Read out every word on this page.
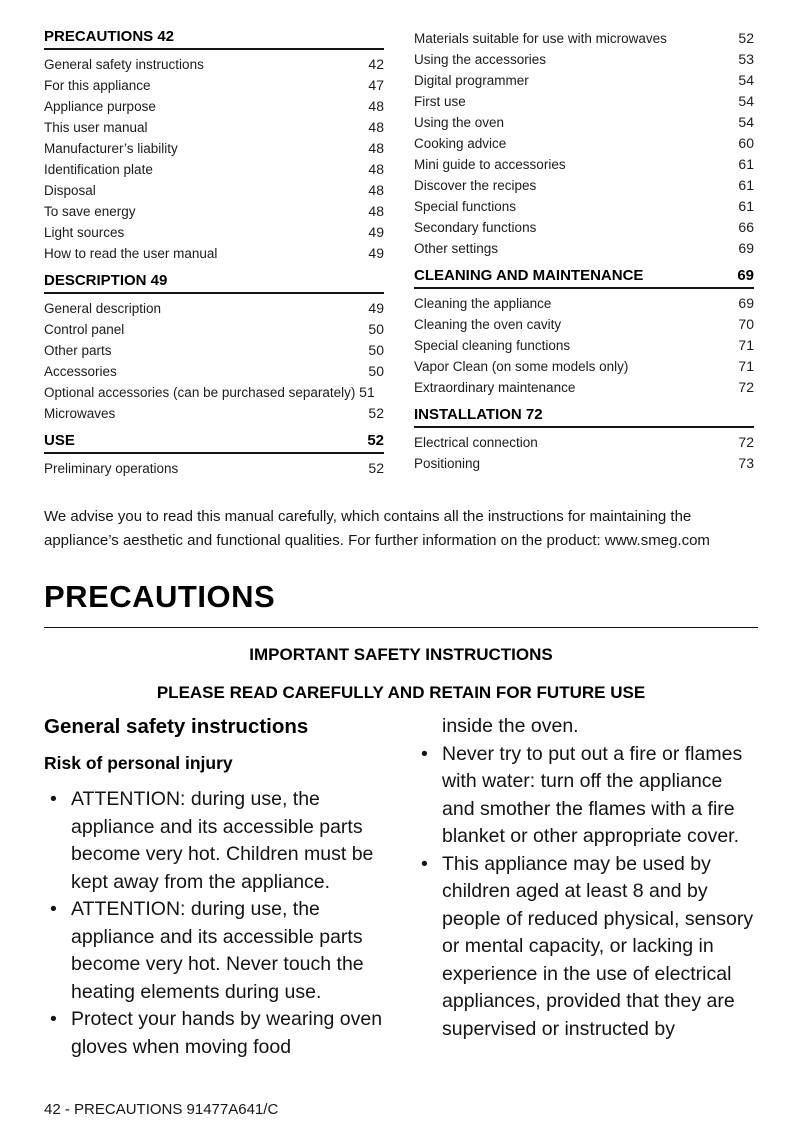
PRECAUTIONS 42
General safety instructions	42
For this appliance	47
Appliance purpose	48
This user manual	48
Manufacturer’s liability	48
Identification plate	48
Disposal	48
To save energy	48
Light sources	49
How to read the user manual	49
DESCRIPTION 49
General description	49
Control panel	50
Other parts	50
Accessories	50
Optional accessories (can be purchased separately) 51
Microwaves	52
USE	52
Preliminary operations	52
Materials suitable for use with microwaves	52
Using the accessories	53
Digital programmer	54
First use	54
Using the oven	54
Cooking advice	60
Mini guide to accessories	61
Discover the recipes	61
Special functions	61
Secondary functions	66
Other settings	69
CLEANING AND MAINTENANCE	69
Cleaning the appliance	69
Cleaning the oven cavity	70
Special cleaning functions	71
Vapor Clean (on some models only)	71
Extraordinary maintenance	72
INSTALLATION 72
Electrical connection	72
Positioning	73

We advise you to read this manual carefully, which contains all the instructions for maintaining the appliance’s aesthetic and functional qualities. For further information on the product: www.smeg.com

PRECAUTIONS
IMPORTANT SAFETY INSTRUCTIONS
PLEASE READ CAREFULLY AND RETAIN FOR FUTURE USE
General safety instructions
Risk of personal injury
• ATTENTION: during use, the appliance and its accessible parts become very hot. Children must be kept away from the appliance.
• ATTENTION: during use, the appliance and its accessible parts become very hot. Never touch the heating elements during use.
• Protect your hands by wearing oven gloves when moving food

inside the oven.

• Never try to put out a fire or flames with water: turn off the appliance and smother the flames with a fire blanket or other appropriate cover.
• This appliance may be used by children aged at least 8 and by people of reduced physical, sensory or mental capacity, or lacking in experience in the use of electrical appliances, provided that they are supervised or instructed by
42 - PRECAUTIONS 91477A641/C
